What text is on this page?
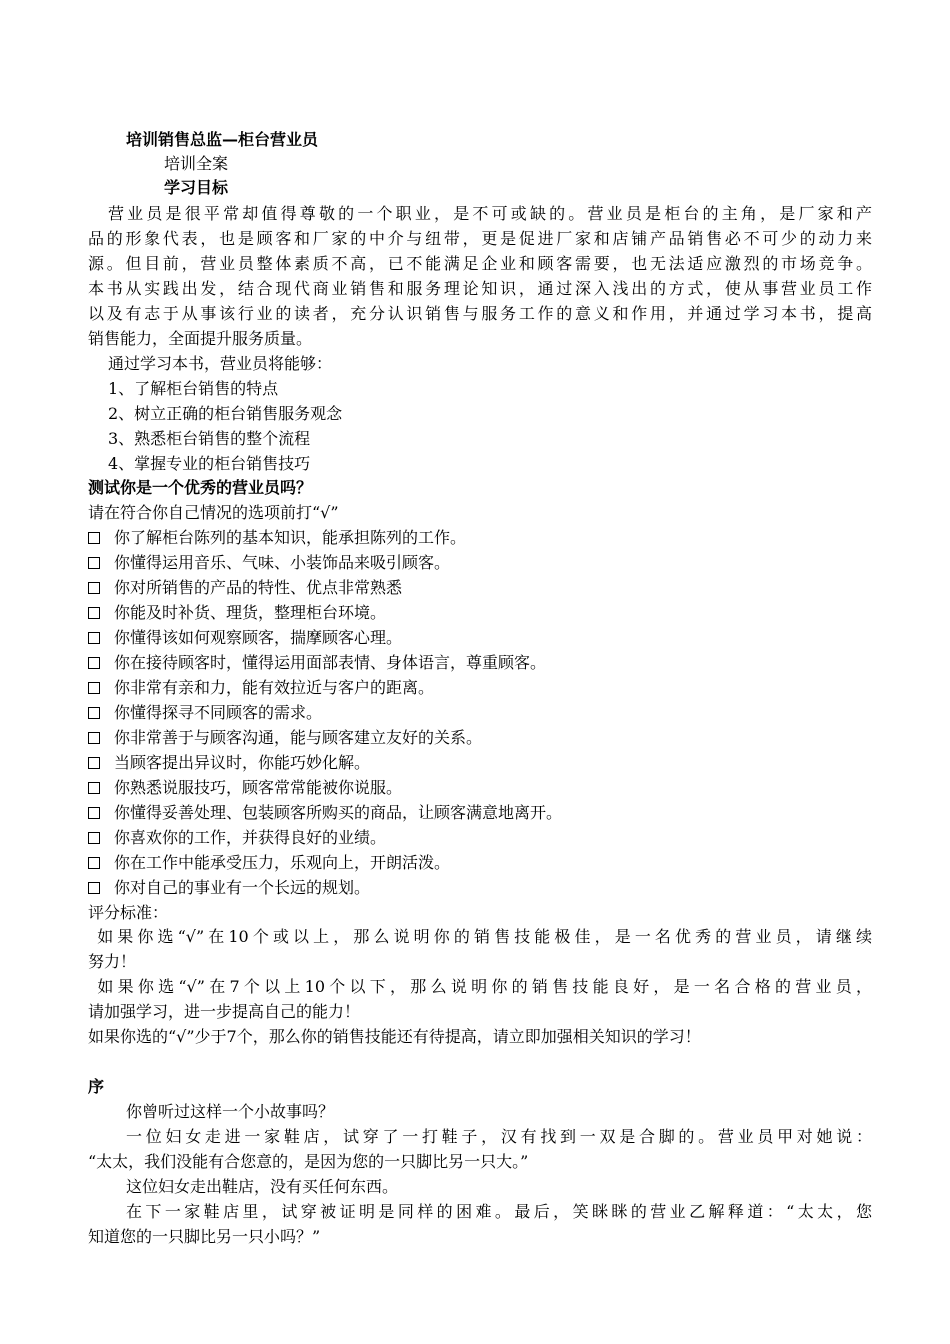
培训销售总监—柜台营业员
培训全案
学习目标
营业员是很平常却值得尊敬的一个职业，是不可或缺的。营业员是柜台的主角，是厂家和产
品的形象代表，也是顾客和厂家的中介与纽带，更是促进厂家和店铺产品销售必不可少的动力来
源。但目前，营业员整体素质不高，已不能满足企业和顾客需要，也无法适应激烈的市场竞争。
本书从实践出发，结合现代商业销售和服务理论知识，通过深入浅出的方式，使从事营业员工作
以及有志于从事该行业的读者，充分认识销售与服务工作的意义和作用，并通过学习本书，提高
销售能力，全面提升服务质量。
通过学习本书，营业员将能够：
1、了解柜台销售的特点
2、树立正确的柜台销售服务观念
3、熟悉柜台销售的整个流程
4、掌握专业的柜台销售技巧
测试你是一个优秀的营业员吗？
请在符合你自己情况的选项前打“√”
你了解柜台陈列的基本知识，能承担陈列的工作。
你懂得运用音乐、气味、小装饰品来吸引顾客。
你对所销售的产品的特性、优点非常熟悉
你能及时补货、理货，整理柜台环境。
你懂得该如何观察顾客，揣摩顾客心理。
你在接待顾客时，懂得运用面部表情、身体语言，尊重顾客。
你非常有亲和力，能有效拉近与客户的距离。
你懂得探寻不同顾客的需求。
你非常善于与顾客沟通，能与顾客建立友好的关系。
当顾客提出异议时，你能巧妙化解。
你熟悉说服技巧，顾客常常能被你说服。
你懂得妥善处理、包装顾客所购买的商品，让顾客满意地离开。
你喜欢你的工作，并获得良好的业绩。
你在工作中能承受压力，乐观向上，开朗活泼。
你对自己的事业有一个长远的规划。
评分标准：
如果你选“√”在10个或以上，那么说明你的销售技能极佳，是一名优秀的营业员，请继续
努力！
如果你选“√”在7个以上10个以下，那么说明你的销售技能良好，是一名合格的营业员，
请加强学习，进一步提高自己的能力！
如果你选的“√”少于7个，那么你的销售技能还有待提高，请立即加强相关知识的学习！
序
你曾听过这样一个小故事吗？
一位妇女走进一家鞋店，试穿了一打鞋子，汉有找到一双是合脚的。营业员甲对她说：
“太太，我们没能有合您意的，是因为您的一只脚比另一只大。”
这位妇女走出鞋店，没有买任何东西。
在下一家鞋店里，试穿被证明是同样的困难。最后，笑眯眯的营业乙解释道：“太太，您
知道您的一只脚比另一只小吗？”
